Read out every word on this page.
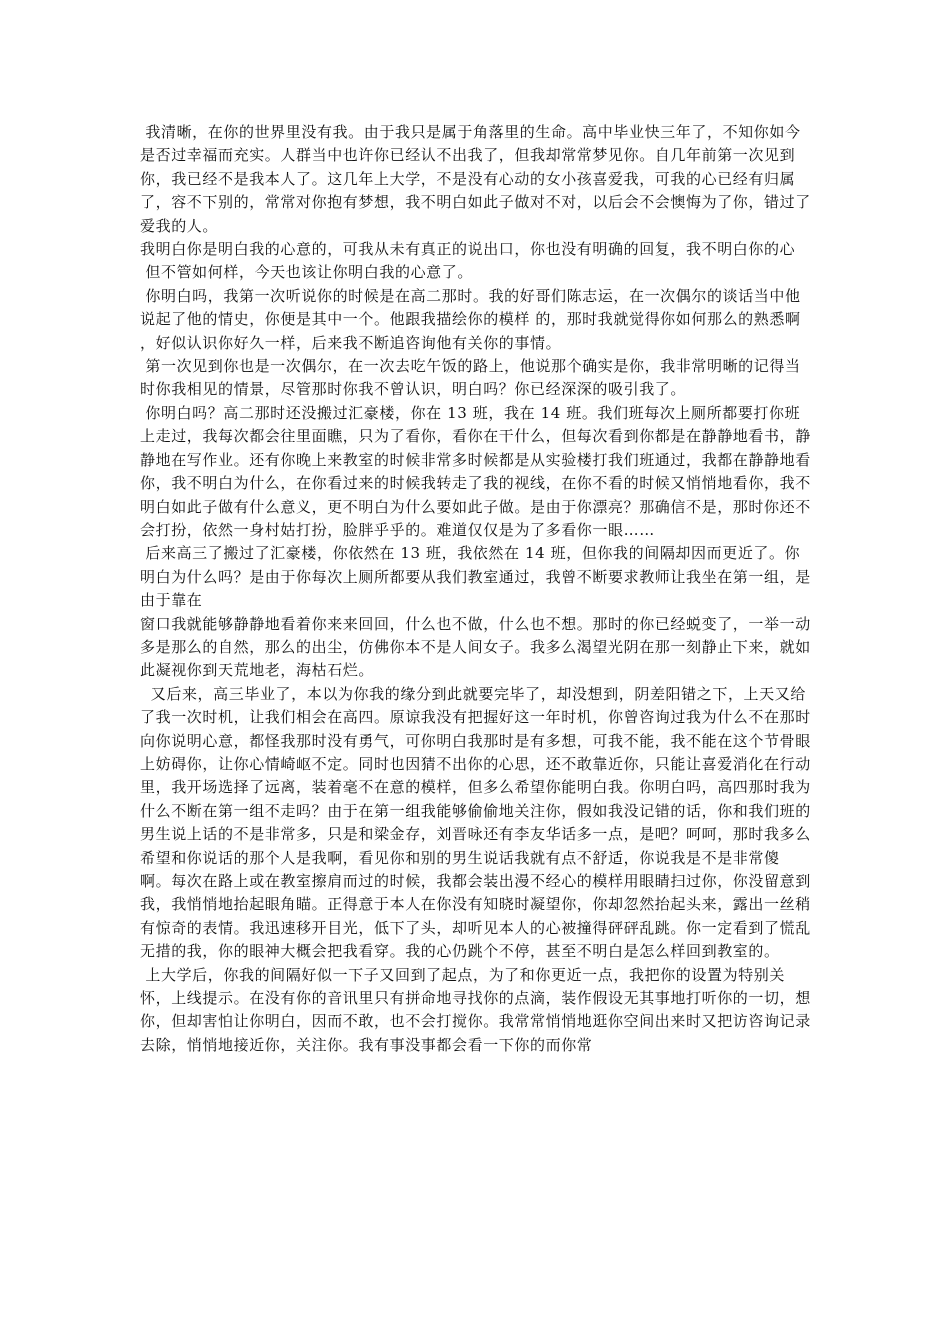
我清晰，在你的世界里没有我。由于我只是属于角落里的生命。高中毕业快三年了，不知你如今是否过幸福而充实。人群当中也许你已经认不出我了，但我却常常梦见你。自几年前第一次见到你，我已经不是我本人了。这几年上大学，不是没有心动的女小孩喜爱我，可我的心已经有归属了，容不下别的，常常对你抱有梦想，我不明白如此子做对不对，以后会不会懊悔为了你，错过了爱我的人。

我明白你是明白我的心意的，可我从未有真正的说出口，你也没有明确的回复，我不明白你的心

但不管如何样，今天也该让你明白我的心意了。

你明白吗，我第一次听说你的时候是在高二那时。我的好哥们陈志运，在一次偶尔的谈话当中他说起了他的情史，你便是其中一个。他跟我描绘你的模样 的，那时我就觉得你如何那么的熟悉啊 ，好似认识你好久一样，后来我不断追咨询他有关你的事情。

第一次见到你也是一次偶尔，在一次去吃午饭的路上，他说那个确实是你，我非常明晰的记得当时你我相见的情景，尽管那时你我不曾认识，明白吗？你已经深深的吸引我了。

你明白吗？高二那时还没搬过汇豪楼，你在 13 班，我在 14 班。我们班每次上厕所都要打你班上走过，我每次都会往里面瞧，只为了看你，看你在干什么，但每次看到你都是在静静地看书，静静地在写作业。还有你晚上来教室的时候非常多时候都是从实验楼打我们班通过，我都在静静地看你，我不明白为什么，在你看过来的时候我转走了我的视线，在你不看的时候又悄悄地看你，我不明白如此子做有什么意义，更不明白为什么要如此子做。是由于你漂亮？那确信不是，那时你还不会打扮，依然一身村姑打扮，脸胖乎乎的。难道仅仅是为了多看你一眼……

后来高三了搬过了汇豪楼，你依然在 13 班，我依然在 14 班，但你我的间隔却因而更近了。你明白为什么吗？是由于你每次上厕所都要从我们教室通过，我曾不断要求教师让我坐在第一组，是由于靠在

窗口我就能够静静地看着你来来回回，什么也不做，什么也不想。那时的你已经蜕变了，一举一动多是那么的自然，那么的出尘，仿佛你本不是人间女子。我多么渴望光阴在那一刻静止下来，就如此凝视你到天荒地老，海枯石烂。

又后来，高三毕业了，本以为你我的缘分到此就要完毕了，却没想到，阴差阳错之下，上天又给了我一次时机，让我们相会在高四。原谅我没有把握好这一年时机，你曾咨询过我为什么不在那时向你说明心意，都怪我那时没有勇气，可你明白我那时是有多想，可我不能，我不能在这个节骨眼上妨碍你，让你心情崎岖不定。同时也因猜不出你的心思，还不敢靠近你，只能让喜爱消化在行动里，我开场选择了远离，装着毫不在意的模样，但多么希望你能明白我。你明白吗，高四那时我为什么不断在第一组不走吗？由于在第一组我能够偷偷地关注你，假如我没记错的话，你和我们班的男生说上话的不是非常多，只是和梁金存，刘晋咏还有李友华话多一点，是吧？呵呵，那时我多么希望和你说话的那个人是我啊，看见你和别的男生说话我就有点不舒适，你说我是不是非常傻 啊。每次在路上或在教室擦肩而过的时候，我都会装出漫不经心的模样用眼睛扫过你，你没留意到我，我悄悄地抬起眼角瞄。正得意于本人在你没有知晓时凝望你，你却忽然抬起头来，露出一丝稍有惊奇的表情。我迅速移开目光，低下了头，却听见本人的心被撞得砰砰乱跳。你一定看到了慌乱无措的我，你的眼神大概会把我看穿。我的心仍跳个不停，甚至不明白是怎么样回到教室的。

上大学后，你我的间隔好似一下子又回到了起点，为了和你更近一点，我把你的设置为特别关怀，上线提示。在没有你的音讯里只有拼命地寻找你的点滴，装作假设无其事地打听你的一切，想你，但却害怕让你明白，因而不敢，也不会打搅你。我常常悄悄地逛你空间出来时又把访咨询记录去除，悄悄地接近你，关注你。我有事没事都会看一下你的而你常
